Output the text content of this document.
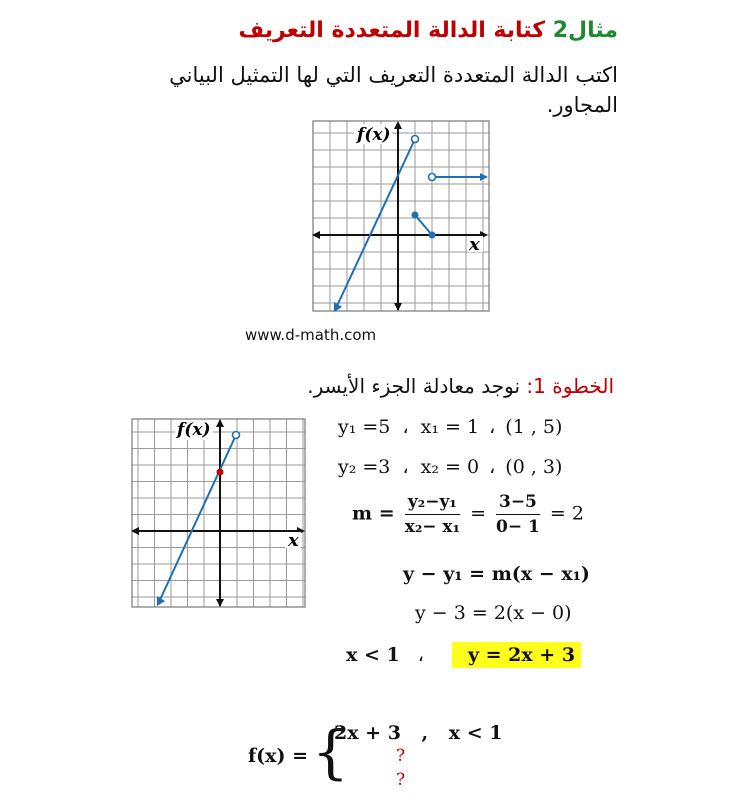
مثال2 كتابة الدالة المتعددة التعريف
اكتب الدالة المتعددة التعريف التي لها التمثيل البياني المجاور.
f(x)
x
www.d-math.com
الخطوة 1: نوجد معادلة الجزء الأيسر.
f(x)
x
y₁ =5 ، x₁ = 1 ، (1 , 5)
y₂ =3 ، x₂ = 0 ، (0 , 3)
$m = \frac{\text{y₂−y₁}}{\text{x₂− x₁}} = \frac{3-5}{0- 1} = 2$
y − y₁ = m(x − x₁)
y − 3 = 2(x − 0)
x < 1 ، y = 2x + 3
f(x) = {
2x + 3 , x < 1
?
?
